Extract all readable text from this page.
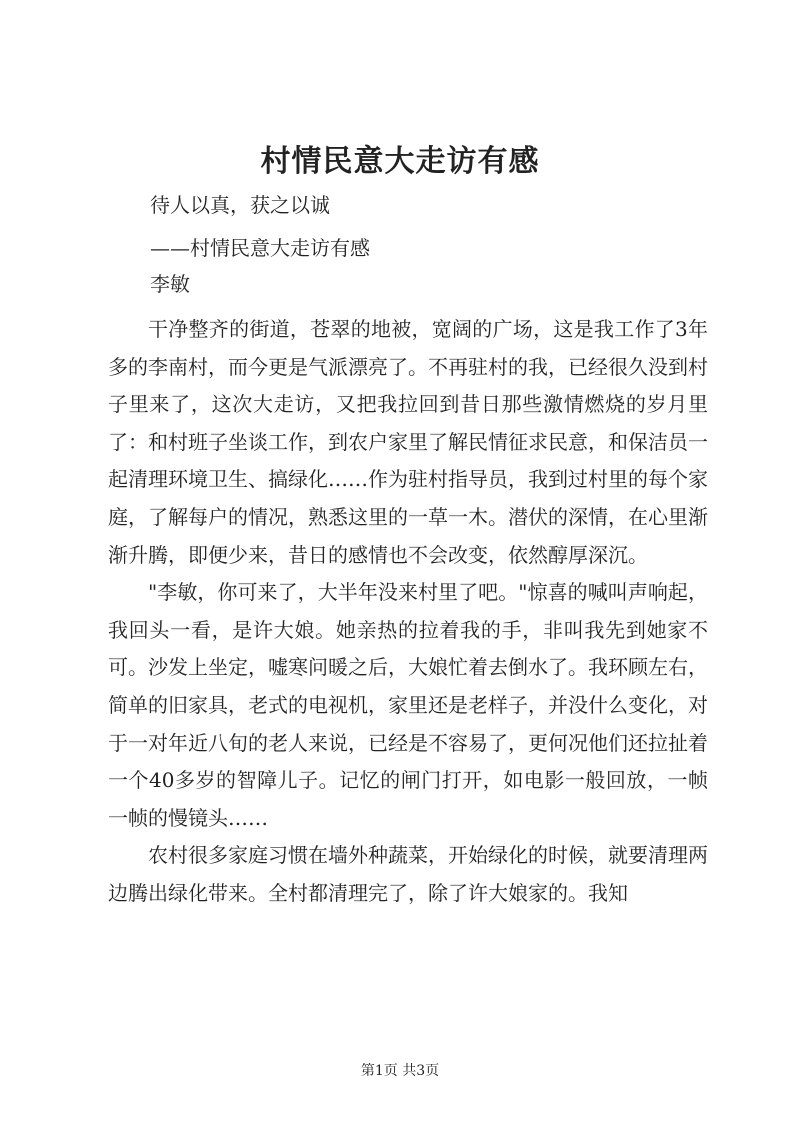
村情民意大走访有感

待人以真，获之以诚

——村情民意大走访有感

李敏

干净整齐的街道，苍翠的地被，宽阔的广场，这是我工作了3年多的李南村，而今更是气派漂亮了。不再驻村的我，已经很久没到村子里来了，这次大走访，又把我拉回到昔日那些激情燃烧的岁月里了：和村班子坐谈工作，到农户家里了解民情征求民意，和保洁员一起清理环境卫生、搞绿化……作为驻村指导员，我到过村里的每个家庭，了解每户的情况，熟悉这里的一草一木。潜伏的深情，在心里渐渐升腾，即便少来，昔日的感情也不会改变，依然醇厚深沉。

"李敏，你可来了，大半年没来村里了吧。"惊喜的喊叫声响起，我回头一看，是许大娘。她亲热的拉着我的手，非叫我先到她家不可。沙发上坐定，嘘寒问暖之后，大娘忙着去倒水了。我环顾左右，简单的旧家具，老式的电视机，家里还是老样子，并没什么变化，对于一对年近八旬的老人来说，已经是不容易了，更何况他们还拉扯着一个40多岁的智障儿子。记忆的闸门打开，如电影一般回放，一帧一帧的慢镜头……

农村很多家庭习惯在墙外种蔬菜，开始绿化的时候，就要清理两边腾出绿化带来。全村都清理完了，除了许大娘家的。我知

第1页 共3页
